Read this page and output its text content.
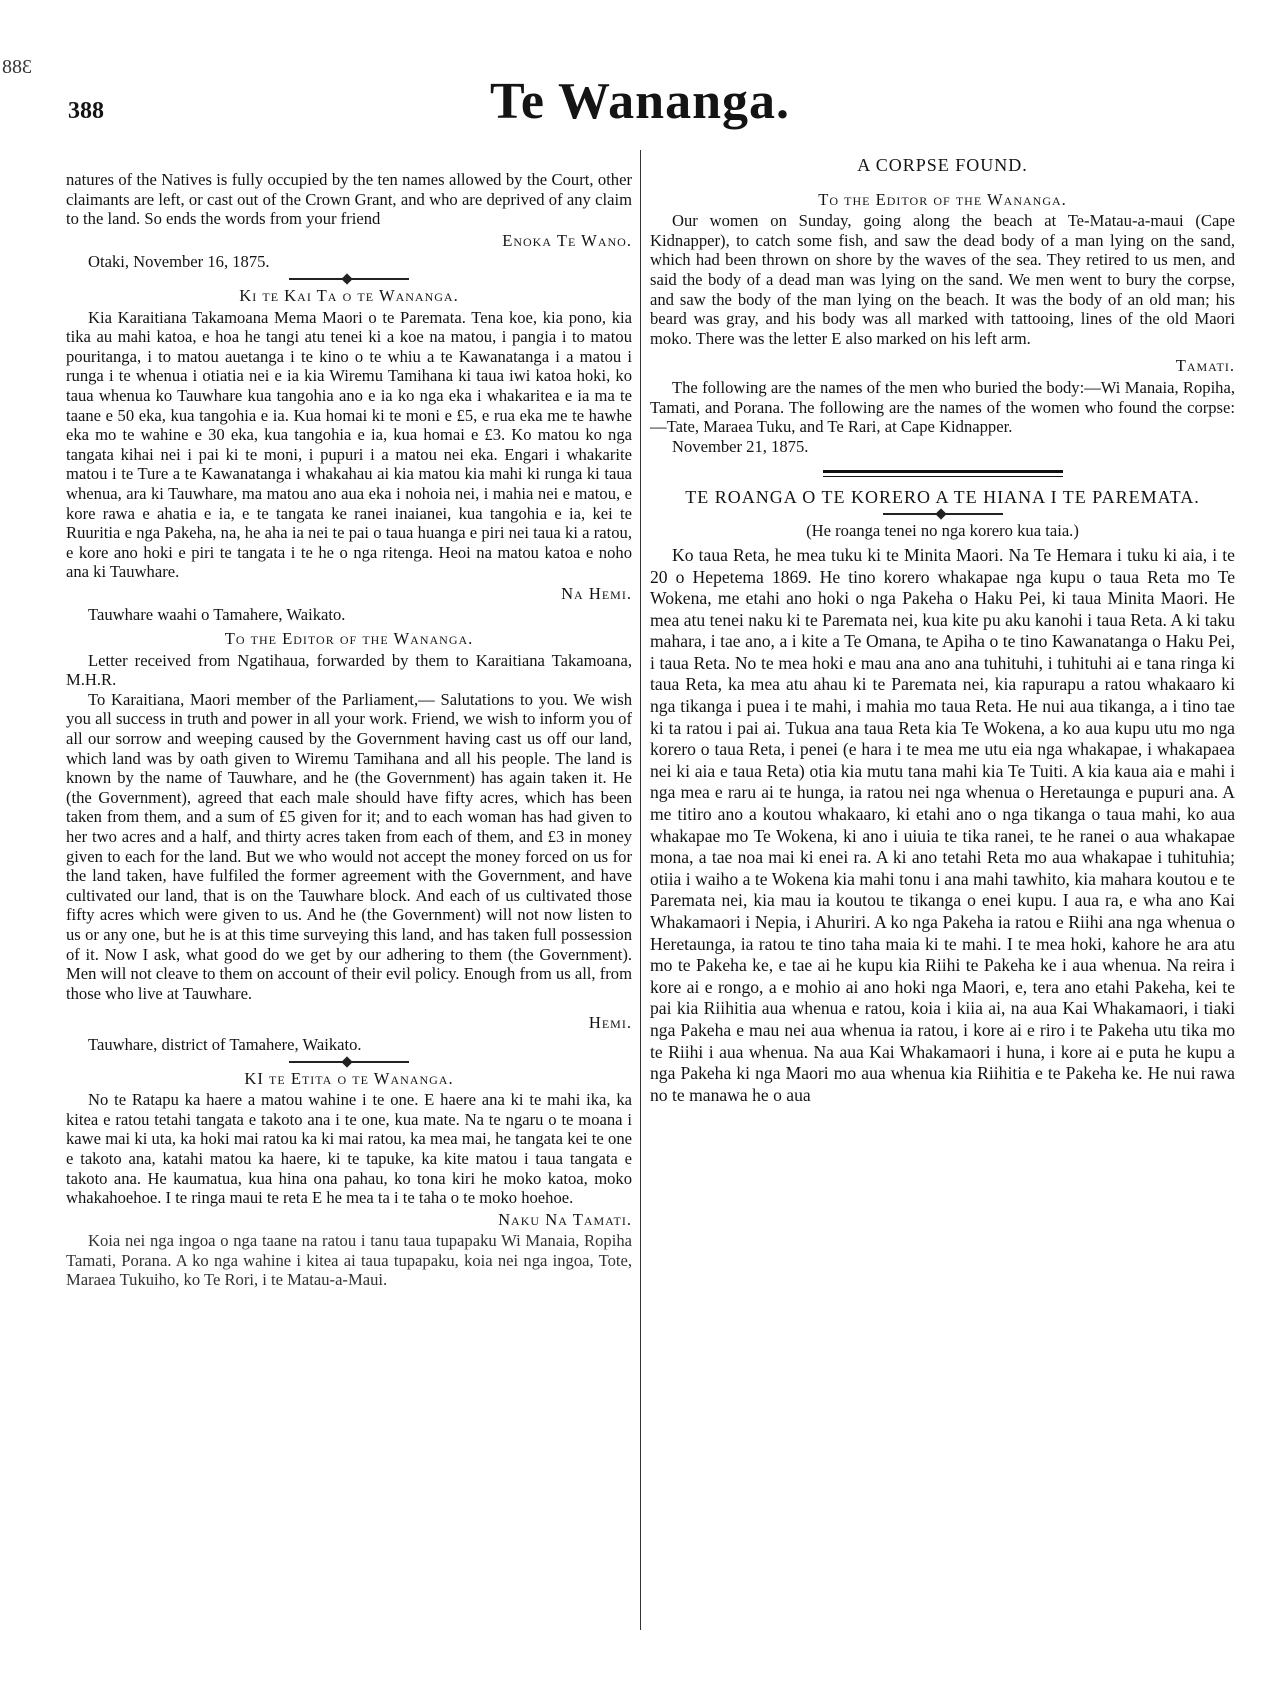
388
388	Te Wananga.

natures of the Natives is fully occupied by the ten names allowed by the Court, other claimants are left, or cast out of the Crown Grant, and who are deprived of any claim to the land. So ends the words from your friend

Enoka Te Wano.
Otaki, November 16, 1875.
Ki te Kai Ta o te Wananga.

Kia Karaitiana Takamoana Mema Maori o te Paremata. Tena koe, kia pono, kia tika au mahi katoa, e hoa he tangi atu tenei ki a koe na matou, i pangia i to matou pouritanga, i to matou auetanga i te kino o te whiu a te Kawanatanga i a matou i runga i te whenua i otiatia nei e ia kia Wiremu Tamihana ki taua iwi katoa hoki, ko taua whenua ko Tauwhare kua tangohia ano e ia ko nga eka i whakaritea e ia ma te taane e 50 eka, kua tangohia e ia. Kua homai ki te moni e £5, e rua eka me te hawhe eka mo te wahine e 30 eka, kua tangohia e ia, kua homai e £3. Ko matou ko nga tangata kihai nei i pai ki te moni, i pupuri i a matou nei eka. Engari i whakarite matou i te Ture a te Kawanatanga i whakahau ai kia matou kia mahi ki runga ki taua whenua, ara ki Tauwhare, ma matou ano aua eka i nohoia nei, i mahia nei e matou, e kore rawa e ahatia e ia, e te tangata ke ranei inaianei, kua tangohia e ia, kei te Ruuritia e nga Pakeha, na, he aha ia nei te pai o taua huanga e piri nei taua ki a ratou, e kore ano hoki e piri te tangata i te he o nga ritenga. Heoi na matou katoa e noho ana ki Tauwhare.

Na Hemi.
Tauwhare waahi o Tamahere, Waikato.
To the Editor of the Wananga.

Letter received from Ngatihaua, forwarded by them to Karaitiana Takamoana, M.H.R.

To Karaitiana, Maori member of the Parliament,— Salutations to you. We wish you all success in truth and power in all your work. Friend, we wish to inform you of all our sorrow and weeping caused by the Government having cast us off our land, which land was by oath given to Wiremu Tamihana and all his people. The land is known by the name of Tauwhare, and he (the Government) has again taken it. He (the Government), agreed that each male should have fifty acres, which has been taken from them, and a sum of £5 given for it; and to each woman has had given to her two acres and a half, and thirty acres taken from each of them, and £3 in money given to each for the land. But we who would not accept the money forced on us for the land taken, have fulfiled the former agreement with the Government, and have cultivated our land, that is on the Tauwhare block. And each of us cultivated those fifty acres which were given to us. And he (the Government) will not now listen to us or any one, but he is at this time surveying this land, and has taken full possession of it. Now I ask, what good do we get by our adhering to them (the Government). Men will not cleave to them on account of their evil policy. Enough from us all, from those who live at Tauwhare.

Hemi.
Tauwhare, district of Tamahere, Waikato.
KI te Etita o te Wananga.

No te Ratapu ka haere a matou wahine i te one. E haere ana ki te mahi ika, ka kitea e ratou tetahi tangata e takoto ana i te one, kua mate. Na te ngaru o te moana i kawe mai ki uta, ka hoki mai ratou ka ki mai ratou, ka mea mai, he tangata kei te one e takoto ana, katahi matou ka haere, ki te tapuke, ka kite matou i taua tangata e takoto ana. He kaumatua, kua hina ona pahau, ko tona kiri he moko katoa, moko whakahoehoe. I te ringa maui te reta E he mea ta i te taha o te moko hoehoe.

Naku Na Tamati.

Koia nei nga ingoa o nga taane na ratou i tanu taua tupapaku Wi Manaia, Ropiha Tamati, Porana. A ko nga wahine i kitea ai taua tupapaku, koia nei nga ingoa, Tote, Maraea Tukuiho, ko Te Rori, i te Matau-a-Maui.

A CORPSE FOUND.
To the Editor of the Wananga.

Our women on Sunday, going along the beach at Te-Matau-a-maui (Cape Kidnapper), to catch some fish, and saw the dead body of a man lying on the sand, which had been thrown on shore by the waves of the sea. They retired to us men, and said the body of a dead man was lying on the sand. We men went to bury the corpse, and saw the body of the man lying on the beach. It was the body of an old man; his beard was gray, and his body was all marked with tattooing, lines of the old Maori moko. There was the letter E also marked on his left arm.

Tamati.

The following are the names of the men who buried the body:—Wi Manaia, Ropiha, Tamati, and Porana. The following are the names of the women who found the corpse:—Tate, Maraea Tuku, and Te Rari, at Cape Kidnapper.

November 21, 1875.

TE ROANGA O TE KORERO A TE HIANA I TE PAREMATA.
(He roanga tenei no nga korero kua taia.)

Ko taua Reta, he mea tuku ki te Minita Maori. Na Te Hemara i tuku ki aia, i te 20 o Hepetema 1869. He tino korero whakapae nga kupu o taua Reta mo Te Wokena, me etahi ano hoki o nga Pakeha o Haku Pei, ki taua Minita Maori. He mea atu tenei naku ki te Paremata nei, kua kite pu aku kanohi i taua Reta. A ki taku mahara, i tae ano, a i kite a Te Omana, te Apiha o te tino Kawanatanga o Haku Pei, i taua Reta. No te mea hoki e mau ana ano ana tuhituhi, i tuhituhi ai e tana ringa ki taua Reta, ka mea atu ahau ki te Paremata nei, kia rapurapu a ratou whakaaro ki nga tikanga i puea i te mahi, i mahia mo taua Reta. He nui aua tikanga, a i tino tae ki ta ratou i pai ai. Tukua ana taua Reta kia Te Wokena, a ko aua kupu utu mo nga korero o taua Reta, i penei (e hara i te mea me utu eia nga whakapae, i whakapaea nei ki aia e taua Reta) otia kia mutu tana mahi kia Te Tuiti. A kia kaua aia e mahi i nga mea e raru ai te hunga, ia ratou nei nga whenua o Heretaunga e pupuri ana. A me titiro ano a koutou whakaaro, ki etahi ano o nga tikanga o taua mahi, ko aua whakapae mo Te Wokena, ki ano i uiuia te tika ranei, te he ranei o aua whakapae mona, a tae noa mai ki enei ra. A ki ano tetahi Reta mo aua whakapae i tuhituhia; otiia i waiho a te Wokena kia mahi tonu i ana mahi tawhito, kia mahara koutou e te Paremata nei, kia mau ia koutou te tikanga o enei kupu. I aua ra, e wha ano Kai Whakamaori i Nepia, i Ahuriri. A ko nga Pakeha ia ratou e Riihi ana nga whenua o Heretaunga, ia ratou te tino taha maia ki te mahi. I te mea hoki, kahore he ara atu mo te Pakeha ke, e tae ai he kupu kia Riihi te Pakeha ke i aua whenua. Na reira i kore ai e rongo, a e mohio ai ano hoki nga Maori, e, tera ano etahi Pakeha, kei te pai kia Riihitia aua whenua e ratou, koia i kiia ai, na aua Kai Whakamaori, i tiaki nga Pakeha e mau nei aua whenua ia ratou, i kore ai e riro i te Pakeha utu tika mo te Riihi i aua whenua. Na aua Kai Whakamaori i huna, i kore ai e puta he kupu a nga Pakeha ki nga Maori mo aua whenua kia Riihitia e te Pakeha ke. He nui rawa no te manawa he o aua
